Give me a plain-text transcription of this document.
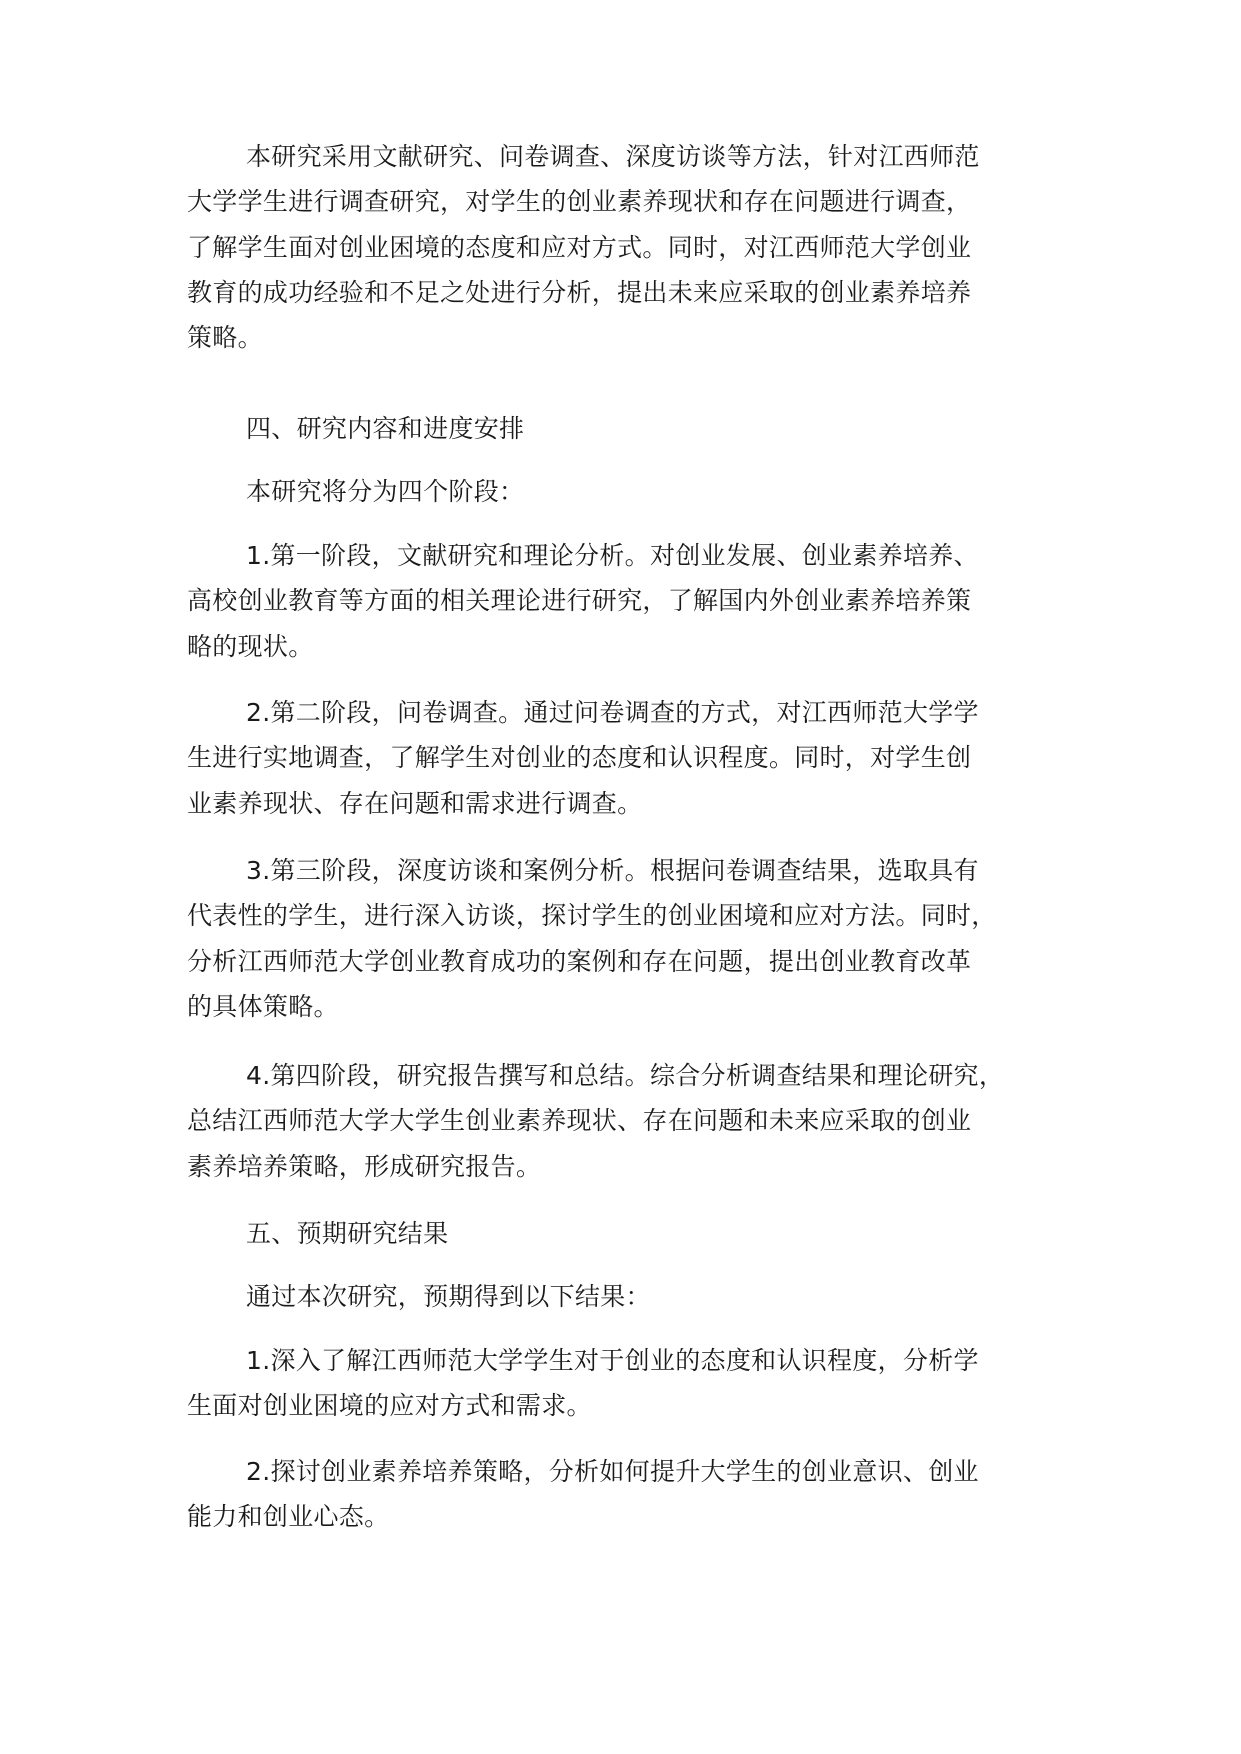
本研究采用文献研究、问卷调查、深度访谈等方法，针对江西师范
大学学生进行调查研究，对学生的创业素养现状和存在问题进行调查，
了解学生面对创业困境的态度和应对方式。同时，对江西师范大学创业
教育的成功经验和不足之处进行分析，提出未来应采取的创业素养培养
策略。
四、研究内容和进度安排
本研究将分为四个阶段：
1.第一阶段，文献研究和理论分析。对创业发展、创业素养培养、
高校创业教育等方面的相关理论进行研究，了解国内外创业素养培养策
略的现状。
2.第二阶段，问卷调查。通过问卷调查的方式，对江西师范大学学
生进行实地调查，了解学生对创业的态度和认识程度。同时，对学生创
业素养现状、存在问题和需求进行调查。
3.第三阶段，深度访谈和案例分析。根据问卷调查结果，选取具有
代表性的学生，进行深入访谈，探讨学生的创业困境和应对方法。同时，
分析江西师范大学创业教育成功的案例和存在问题，提出创业教育改革
的具体策略。
4.第四阶段，研究报告撰写和总结。综合分析调查结果和理论研究，
总结江西师范大学大学生创业素养现状、存在问题和未来应采取的创业
素养培养策略，形成研究报告。
五、预期研究结果
通过本次研究，预期得到以下结果：
1.深入了解江西师范大学学生对于创业的态度和认识程度，分析学
生面对创业困境的应对方式和需求。
2.探讨创业素养培养策略，分析如何提升大学生的创业意识、创业
能力和创业心态。
